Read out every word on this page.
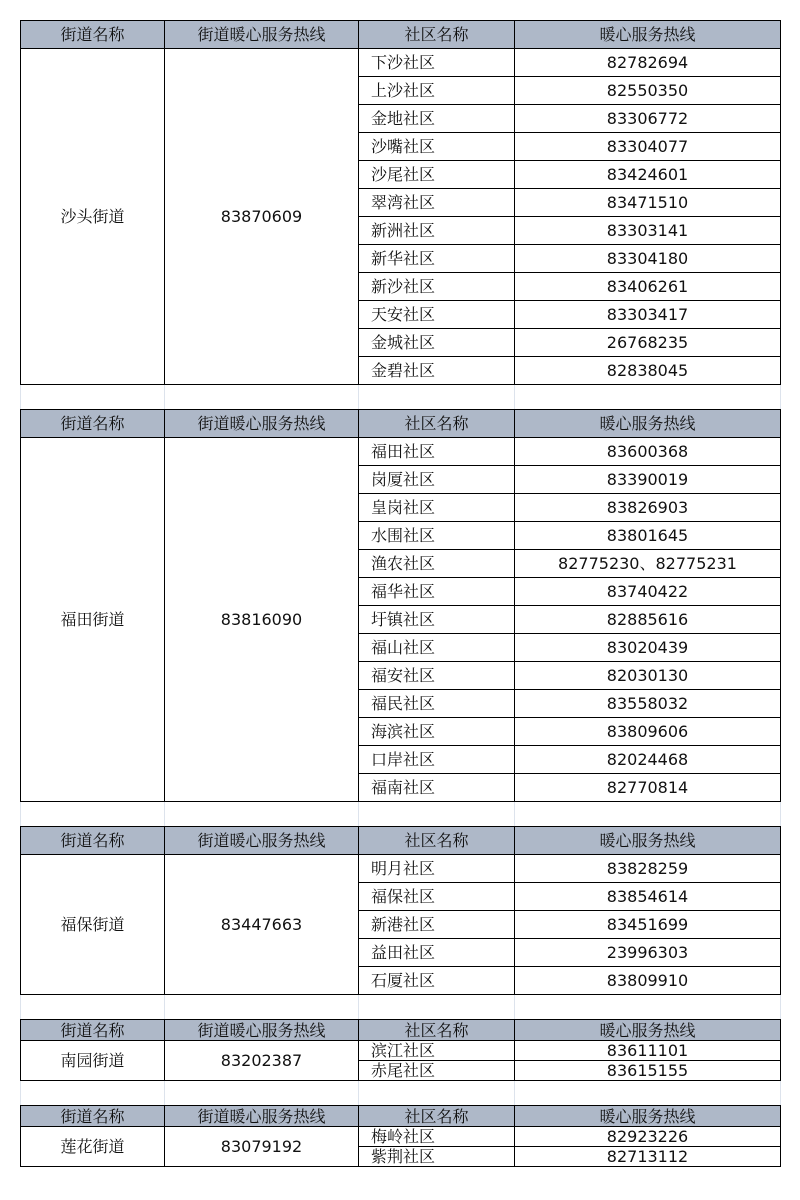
街道名称	街道暖心服务热线	社区名称	暖心服务热线
沙头街道	83870609	下沙社区	82782694
		上沙社区	82550350
		金地社区	83306772
		沙嘴社区	83304077
		沙尾社区	83424601
		翠湾社区	83471510
		新洲社区	83303141
		新华社区	83304180
		新沙社区	83406261
		天安社区	83303417
		金城社区	26768235
		金碧社区	82838045

街道名称	街道暖心服务热线	社区名称	暖心服务热线
福田街道	83816090	福田社区	83600368
		岗厦社区	83390019
		皇岗社区	83826903
		水围社区	83801645
		渔农社区	82775230、82775231
		福华社区	83740422
		圩镇社区	82885616
		福山社区	83020439
		福安社区	82030130
		福民社区	83558032
		海滨社区	83809606
		口岸社区	82024468
		福南社区	82770814

街道名称	街道暖心服务热线	社区名称	暖心服务热线
福保街道	83447663	明月社区	83828259
		福保社区	83854614
		新港社区	83451699
		益田社区	23996303
		石厦社区	83809910

街道名称	街道暖心服务热线	社区名称	暖心服务热线
南园街道	83202387	滨江社区	83611101
		赤尾社区	83615155

街道名称	街道暖心服务热线	社区名称	暖心服务热线
莲花街道	83079192	梅岭社区	82923226
		紫荆社区	82713112
